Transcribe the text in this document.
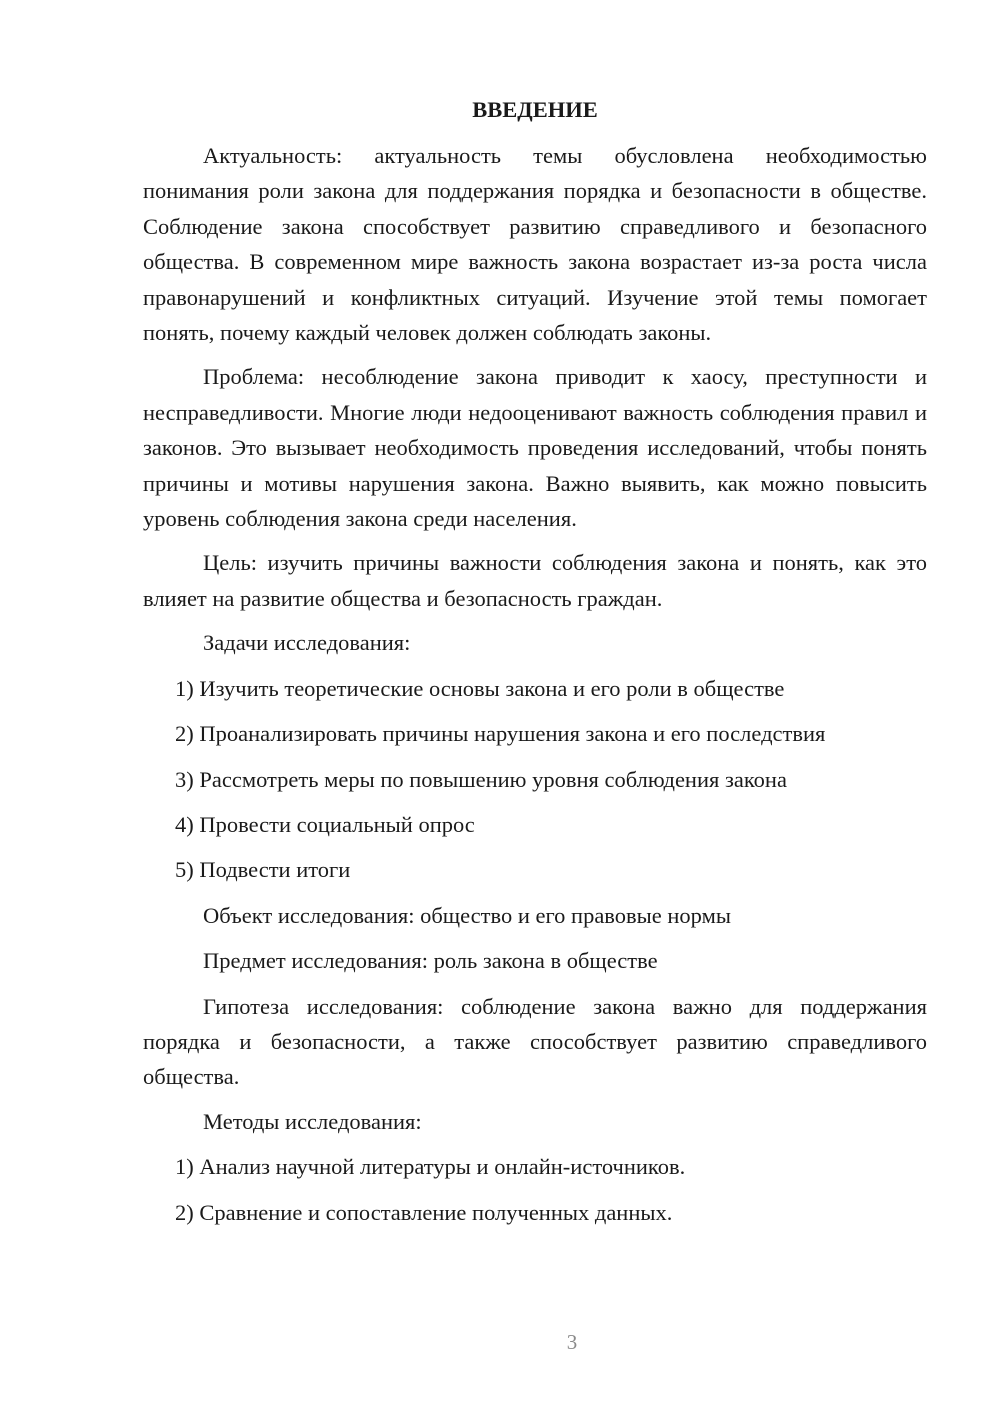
ВВЕДЕНИЕ

Актуальность: актуальность темы обусловлена необходимостью понимания роли закона для поддержания порядка и безопасности в обществе. Соблюдение закона способствует развитию справедливого и безопасного общества. В современном мире важность закона возрастает из-за роста числа правонарушений и конфликтных ситуаций. Изучение этой темы помогает понять, почему каждый человек должен соблюдать законы.

Проблема: несоблюдение закона приводит к хаосу, преступности и несправедливости. Многие люди недооценивают важность соблюдения правил и законов. Это вызывает необходимость проведения исследований, чтобы понять причины и мотивы нарушения закона. Важно выявить, как можно повысить уровень соблюдения закона среди населения.

Цель: изучить причины важности соблюдения закона и понять, как это влияет на развитие общества и безопасность граждан.

Задачи исследования:
1) Изучить теоретические основы закона и его роли в обществе
2) Проанализировать причины нарушения закона и его последствия
3) Рассмотреть меры по повышению уровня соблюдения закона
4) Провести социальный опрос
5) Подвести итоги
Объект исследования: общество и его правовые нормы
Предмет исследования: роль закона в обществе

Гипотеза исследования: соблюдение закона важно для поддержания порядка и безопасности, а также способствует развитию справедливого общества.

Методы исследования:
1) Анализ научной литературы и онлайн-источников.
2) Сравнение и сопоставление полученных данных.
3
